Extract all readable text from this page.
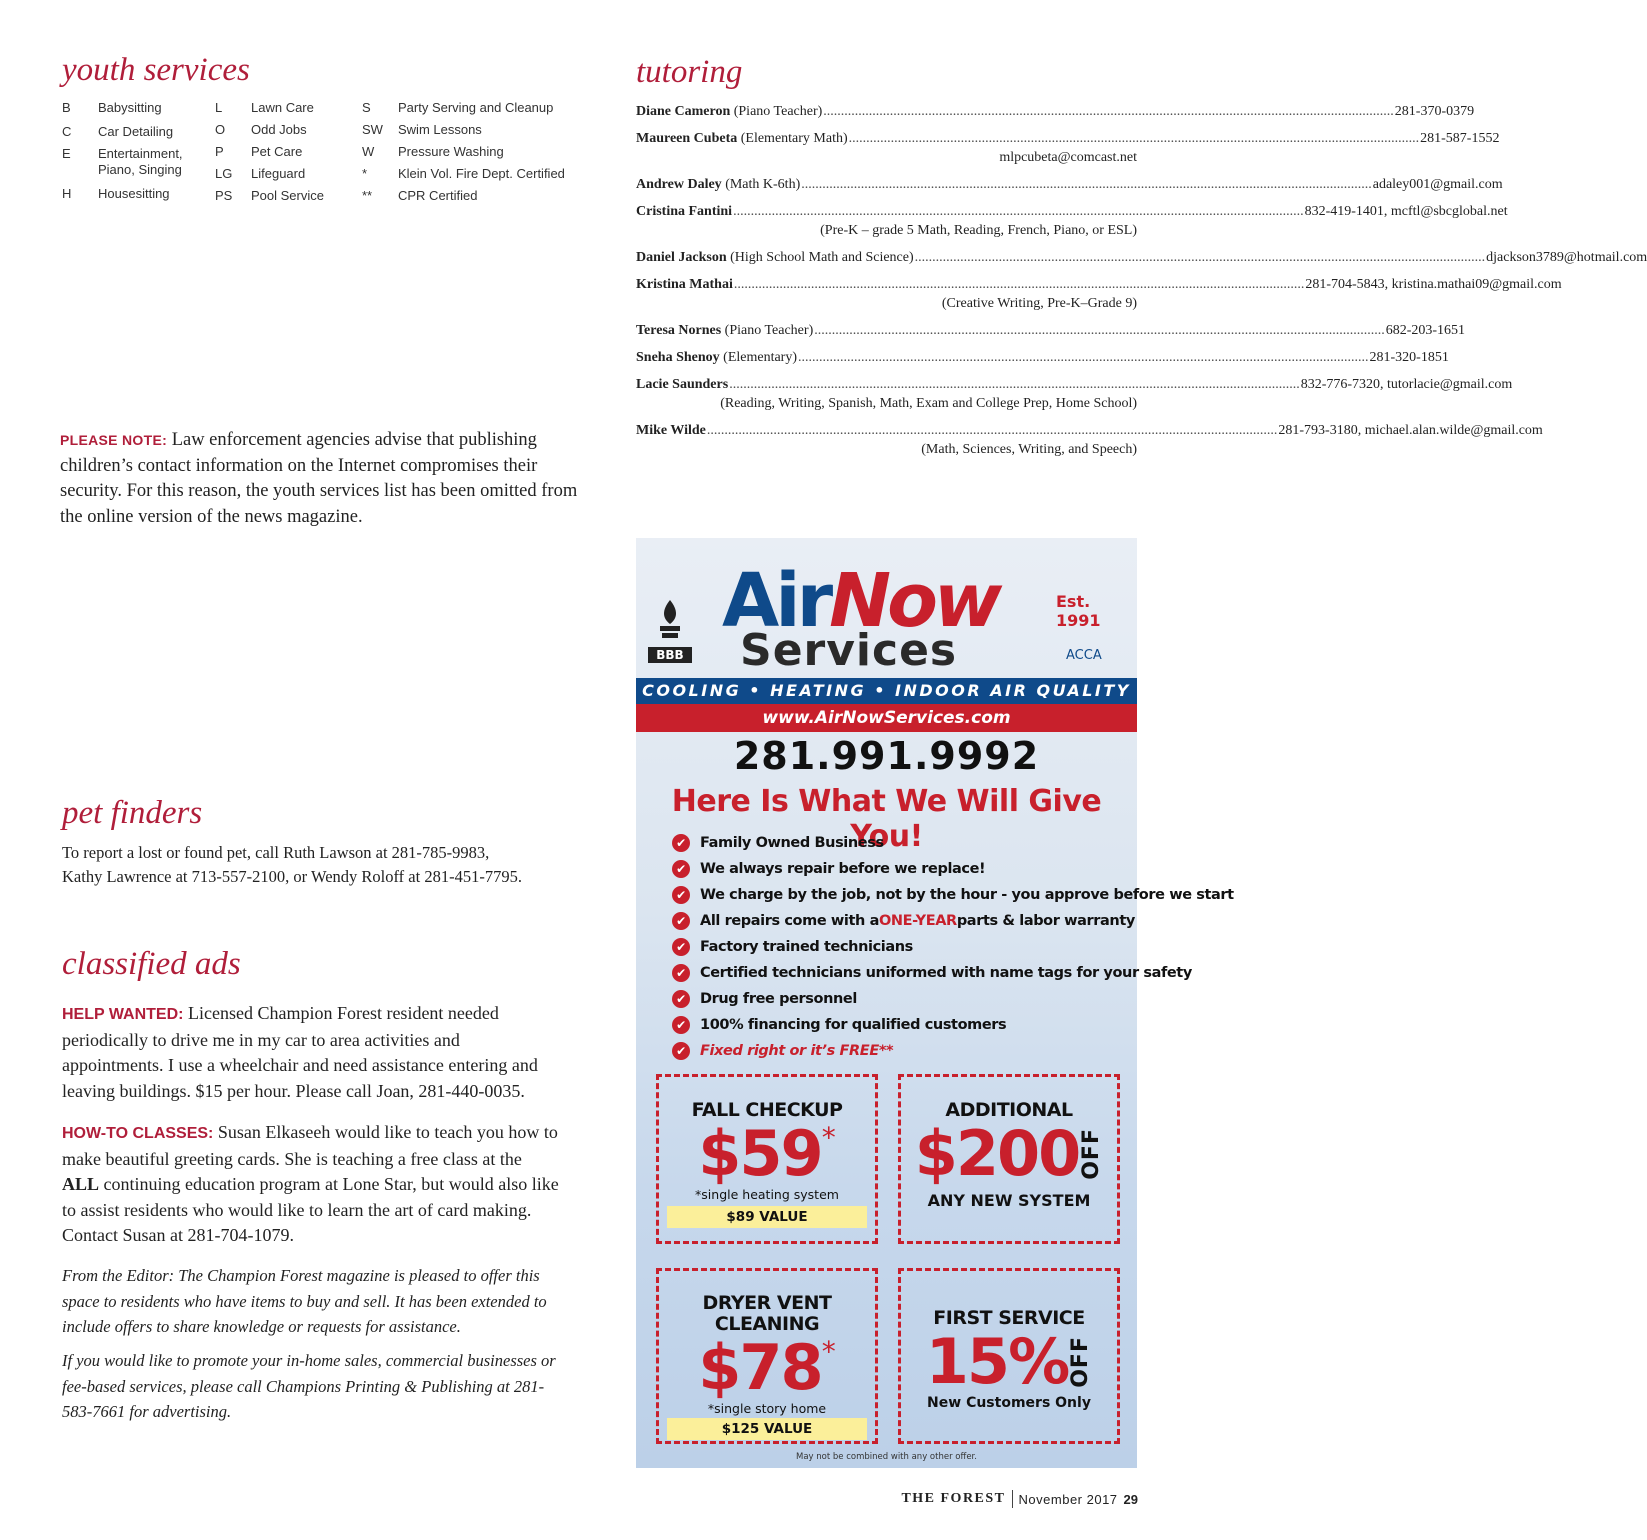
youth services
B	Babysitting
C	Car Detailing
E	Entertainment, Piano, Singing
H	Housesitting
L	Lawn Care
O	Odd Jobs
P	Pet Care
LG	Lifeguard
PS	Pool Service
S	Party Serving and Cleanup
SW	Swim Lessons
W	Pressure Washing
*	Klein Vol. Fire Dept. Certified
**	CPR Certified

PLEASE NOTE: Law enforcement agencies advise that publishing children’s contact information on the Internet compromises their security. For this reason, the youth services list has been omitted from the online version of the news magazine.

tutoring
Diane Cameron
(Piano Teacher) .....	281-370-0379
Maureen Cubeta
(Elementary Math) .....	281-587-1552
mlpcubeta@comcast.net
Andrew Daley
(Math K-6th) .....	adaley001@gmail.com
Cristina Fantini .....	832-419-1401, mcftl@sbcglobal.net
(Pre-K – grade 5 Math, Reading, French, Piano, or ESL)
Daniel Jackson
(High School Math and Science) .....	djackson3789@hotmail.com
Kristina Mathai .....	281-704-5843, kristina.mathai09@gmail.com
(Creative Writing, Pre-K–Grade 9)
Teresa Nornes
(Piano Teacher) .....	682-203-1651
Sneha Shenoy
(Elementary) .....	281-320-1851
Lacie Saunders .....	832-776-7320, tutorlacie@gmail.com
(Reading, Writing, Spanish, Math, Exam and College Prep, Home School)
Mike Wilde .....	281-793-3180, michael.alan.wilde@gmail.com
(Math, Sciences, Writing, and Speech)
pet finders

To report a lost or found pet, call Ruth Lawson at 281-785-9983, Kathy Lawrence at 713-557-2100, or Wendy Roloff at 281-451-7795.

classified ads

HELP WANTED: Licensed Champion Forest resident needed periodically to drive me in my car to area activities and appointments. I use a wheelchair and need assistance entering and leaving buildings. $15 per hour. Please call Joan, 281-440-0035.

HOW-TO CLASSES: Susan Elkaseeh would like to teach you how to make beautiful greeting cards. She is teaching a free class at the ALL continuing education program at Lone Star, but would also like to assist residents who would like to learn the art of card making. Contact Susan at 281-704-1079.

From the Editor: The Champion Forest magazine is pleased to offer this space to residents who have items to buy and sell. It has been extended to include offers to share knowledge or requests for assistance.

If you would like to promote your in-home sales, commercial businesses or fee-based services, please call Champions Printing & Publishing at 281-583-7661 for advertising.

BBB
AirNow
Services
Est. 1991
ACCA
COOLING • HEATING • INDOOR AIR QUALITY
www.AirNowServices.com
281.991.9992
Here Is What We Will Give You!
✔ Family Owned Business
✔ We always repair before we replace!
✔ We charge by the job, not by the hour - you approve before we start
✔ All repairs come with a ONE-YEAR parts & labor warranty
✔ Factory trained technicians
✔ Certified technicians uniformed with name tags for your safety
✔ Drug free personnel
✔ 100% financing for qualified customers
✔ Fixed right or it’s FREE**
FALL CHECKUP
$59*
*single heating system
$89 VALUE
ADDITIONAL
$200 OFF
ANY NEW SYSTEM
DRYER VENT
CLEANING
$78*
*single story home
$125 VALUE
FIRST SERVICE
15% OFF
New Customers Only
May not be combined with any other offer.
THE FOREST November 2017 29
